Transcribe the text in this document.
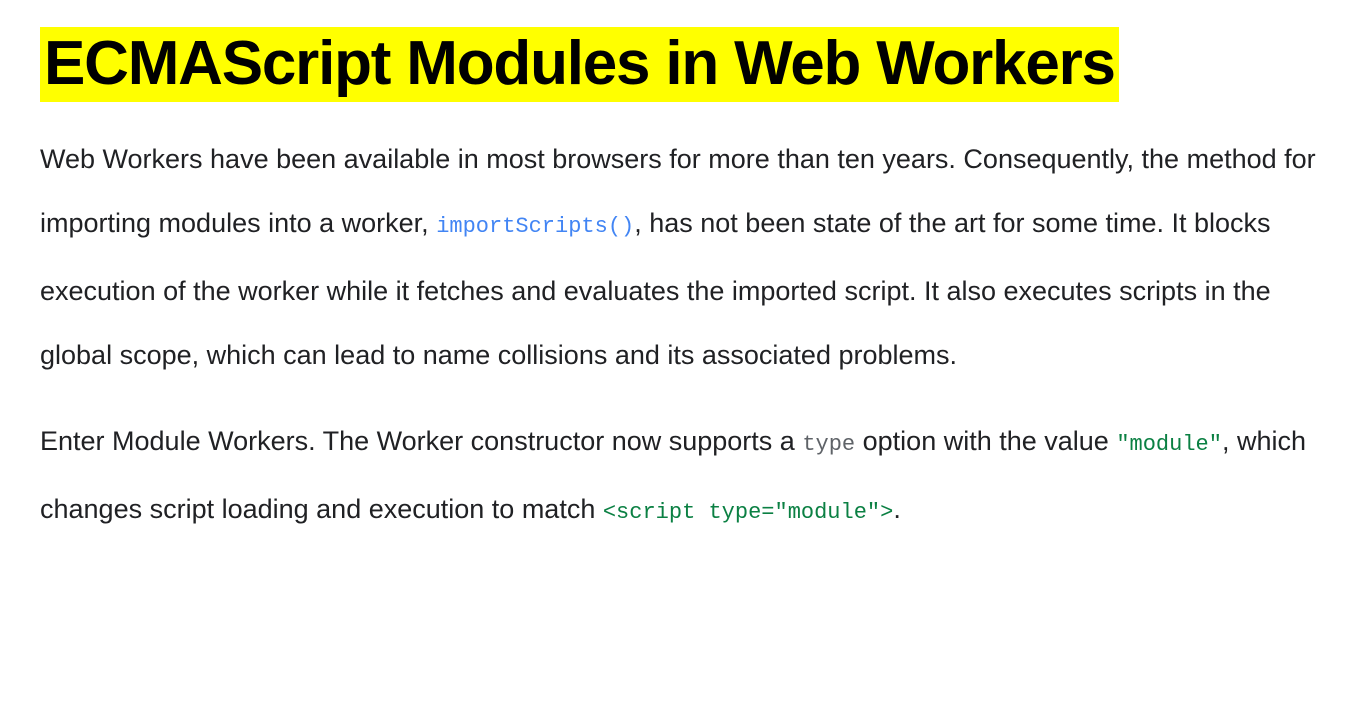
ECMAScript Modules in Web Workers

Web Workers have been available in most browsers for more than ten years. Consequently, the method for importing modules into a worker, importScripts(), has not been state of the art for some time. It blocks execution of the worker while it fetches and evaluates the imported script. It also executes scripts in the global scope, which can lead to name collisions and its associated problems.

Enter Module Workers. The Worker constructor now supports a type option with the value "module", which changes script loading and execution to match <script type="module">.
